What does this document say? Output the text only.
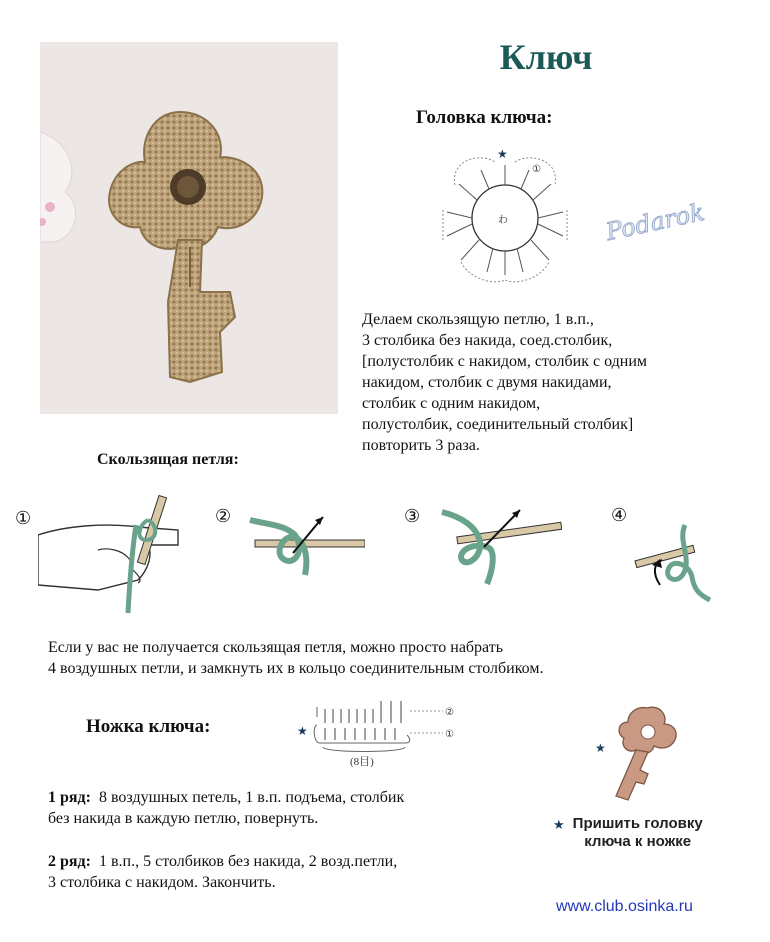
Ключ
Головка ключа:
★
①
わ	Podarok
Делаем скользящую петлю, 1 в.п.,
3 столбика без накида, соед.столбик,
[полустолбик с накидом, столбик с одним
накидом, столбик с двумя накидами,
столбик с одним накидом,
полустолбик, соединительный столбик]
повторить 3 раза.
Скользящая петля:
①	②	③	④
Если у вас не получается скользящая петля, можно просто набрать
4 воздушных петли, и замкнуть их в кольцо соединительным столбиком.
Ножка ключа:	★
②
①
(8目)
1 ряд: 8 воздушных петель, 1 в.п. подъема, столбик
без накида в каждую петлю, повернуть.
2 ряд: 1 в.п., 5 столбиков без накида, 2 возд.петли,
3 столбика с накидом. Закончить.
★
★ Пришить головку
ключа к ножке
www.club.osinka.ru
